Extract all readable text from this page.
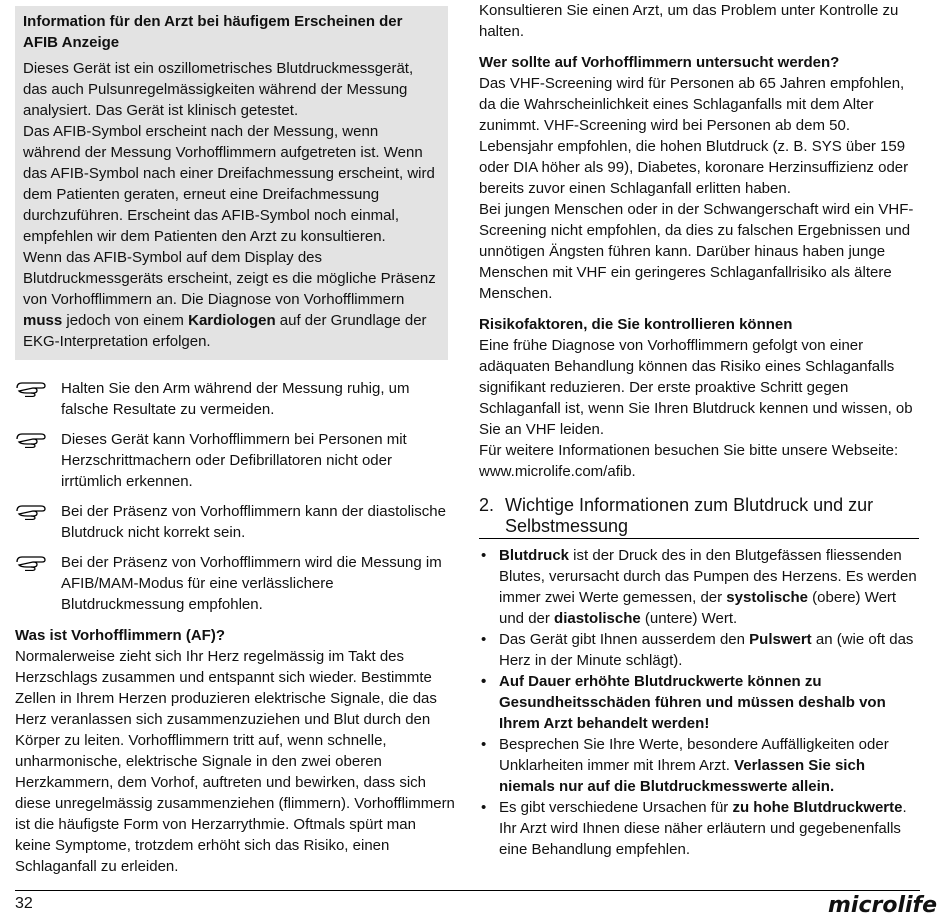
Information für den Arzt bei häufigem Erscheinen der AFIB Anzeige

Dieses Gerät ist ein oszillometrisches Blutdruckmessgerät, das auch Pulsunregelmässigkeiten während der Messung analysiert. Das Gerät ist klinisch getestet.

Das AFIB-Symbol erscheint nach der Messung, wenn während der Messung Vorhofflimmern aufgetreten ist. Wenn das AFIB-Symbol nach einer Dreifachmessung erscheint, wird dem Patienten geraten, erneut eine Dreifachmessung durchzuführen. Erscheint das AFIB-Symbol noch einmal, empfehlen wir dem Patienten den Arzt zu konsultieren.

Wenn das AFIB-Symbol auf dem Display des Blutdruckmessgeräts erscheint, zeigt es die mögliche Präsenz von Vorhofflimmern an. Die Diagnose von Vorhofflimmern muss jedoch von einem Kardiologen auf der Grundlage der EKG-Interpretation erfolgen.

Halten Sie den Arm während der Messung ruhig, um falsche Resultate zu vermeiden.
Dieses Gerät kann Vorhofflimmern bei Personen mit Herzschrittmachern oder Defibrillatoren nicht oder irrtümlich erkennen.
Bei der Präsenz von Vorhofflimmern kann der diastolische Blutdruck nicht korrekt sein.
Bei der Präsenz von Vorhofflimmern wird die Messung im AFIB/MAM-Modus für eine verlässlichere Blutdruckmessung empfohlen.

Was ist Vorhofflimmern (AF)?

Normalerweise zieht sich Ihr Herz regelmässig im Takt des Herzschlags zusammen und entspannt sich wieder. Bestimmte Zellen in Ihrem Herzen produzieren elektrische Signale, die das Herz veranlassen sich zusammenzuziehen und Blut durch den Körper zu leiten. Vorhofflimmern tritt auf, wenn schnelle, unharmonische, elektrische Signale in den zwei oberen Herzkammern, dem Vorhof, auftreten und bewirken, dass sich diese unregelmässig zusammenziehen (flimmern). Vorhofflimmern ist die häufigste Form von Herzarrythmie. Oftmals spürt man keine Symptome, trotzdem erhöht sich das Risiko, einen Schlaganfall zu erleiden.

Konsultieren Sie einen Arzt, um das Problem unter Kontrolle zu halten.

Wer sollte auf Vorhofflimmern untersucht werden?

Das VHF-Screening wird für Personen ab 65 Jahren empfohlen, da die Wahrscheinlichkeit eines Schlaganfalls mit dem Alter zunimmt. VHF-Screening wird bei Personen ab dem 50. Lebensjahr empfohlen, die hohen Blutdruck (z. B. SYS über 159 oder DIA höher als 99), Diabetes, koronare Herzinsuffizienz oder bereits zuvor einen Schlaganfall erlitten haben.

Bei jungen Menschen oder in der Schwangerschaft wird ein VHF-Screening nicht empfohlen, da dies zu falschen Ergebnissen und unnötigen Ängsten führen kann. Darüber hinaus haben junge Menschen mit VHF ein geringeres Schlaganfallrisiko als ältere Menschen.

Risikofaktoren, die Sie kontrollieren können

Eine frühe Diagnose von Vorhofflimmern gefolgt von einer adäquaten Behandlung können das Risiko eines Schlaganfalls signifikant reduzieren. Der erste proaktive Schritt gegen Schlaganfall ist, wenn Sie Ihren Blutdruck kennen und wissen, ob Sie an VHF leiden.

Für weitere Informationen besuchen Sie bitte unsere Webseite: www.microlife.com/afib.

2. Wichtige Informationen zum Blutdruck und zur Selbstmessung
• Blutdruck ist der Druck des in den Blutgefässen fliessenden Blutes, verursacht durch das Pumpen des Herzens. Es werden immer zwei Werte gemessen, der systolische (obere) Wert und der diastolische (untere) Wert.
• Das Gerät gibt Ihnen ausserdem den Pulswert an (wie oft das Herz in der Minute schlägt).
• Auf Dauer erhöhte Blutdruckwerte können zu Gesundheitsschäden führen und müssen deshalb von Ihrem Arzt behandelt werden!
• Besprechen Sie Ihre Werte, besondere Auffälligkeiten oder Unklarheiten immer mit Ihrem Arzt. Verlassen Sie sich niemals nur auf die Blutdruckmesswerte allein.
• Es gibt verschiedene Ursachen für zu hohe Blutdruckwerte. Ihr Arzt wird Ihnen diese näher erläutern und gegebenenfalls eine Behandlung empfehlen.
32	microlife
